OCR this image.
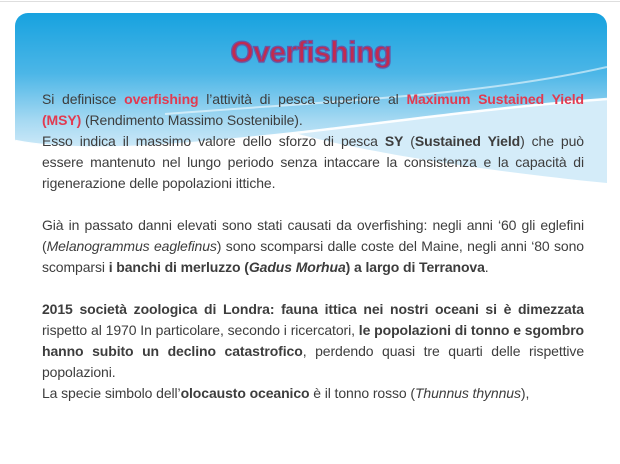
Overfishing

Si definisce overfishing l’attività di pesca superiore al Maximum Sustained Yield (MSY) (Rendimento Massimo Sostenibile).

Esso indica il massimo valore dello sforzo di pesca SY (Sustained Yield) che può essere mantenuto nel lungo periodo senza intaccare la consistenza e la capacità di rigenerazione delle popolazioni ittiche.

Già in passato danni elevati sono stati causati da overfishing: negli anni ‘60 gli eglefini (Melanogrammus eaglefinus) sono scomparsi dalle coste del Maine, negli anni ‘80 sono scomparsi i banchi di merluzzo (Gadus Morhua) a largo di Terranova.

2015 società zoologica di Londra: fauna ittica nei nostri oceani si è dimezzata rispetto al 1970 In particolare, secondo i ricercatori, le popolazioni di tonno e sgombro hanno subito un declino catastrofico, perdendo quasi tre quarti delle rispettive popolazioni.

La specie simbolo dell’olocausto oceanico è il tonno rosso (Thunnus thynnus),
